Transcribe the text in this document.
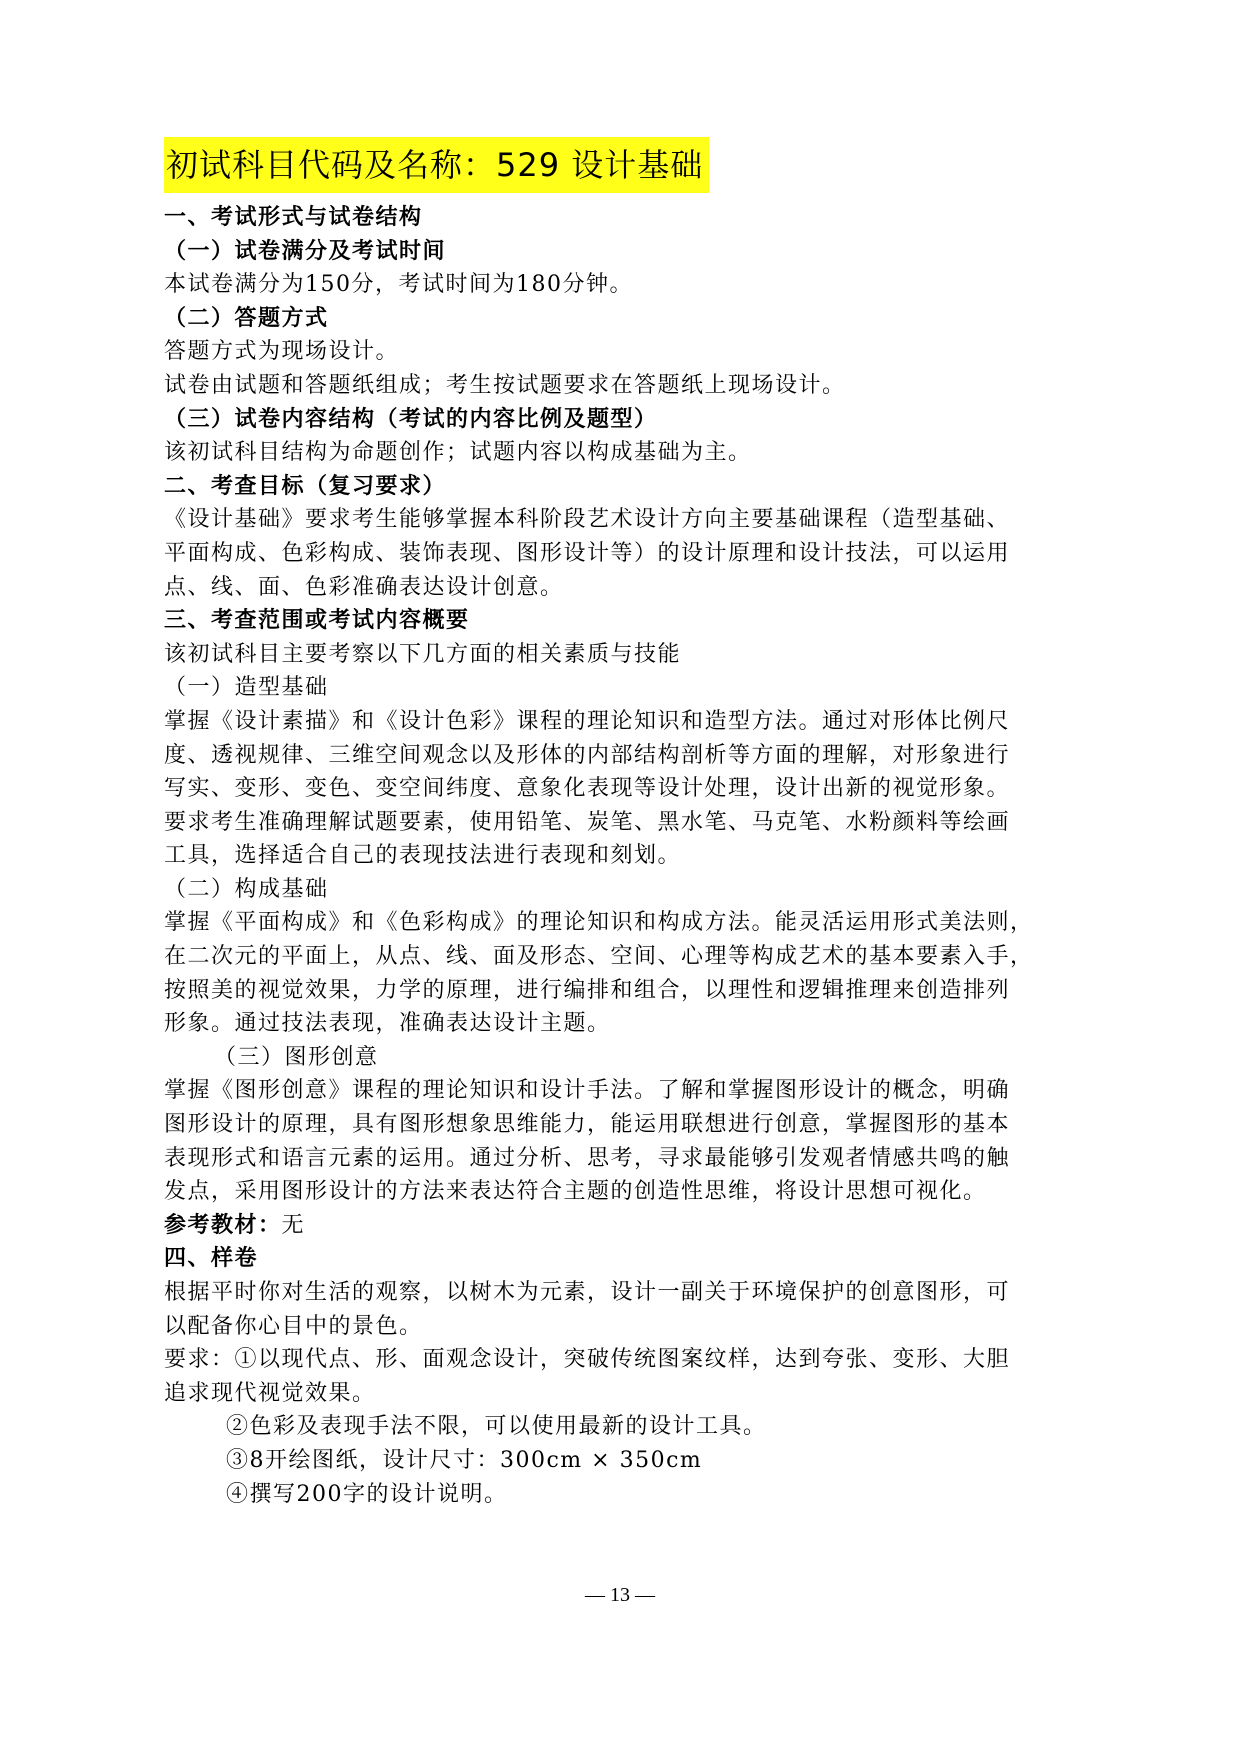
初试科目代码及名称：529 设计基础
一、考试形式与试卷结构
（一）试卷满分及考试时间
本试卷满分为150分，考试时间为180分钟。
（二）答题方式
答题方式为现场设计。
试卷由试题和答题纸组成；考生按试题要求在答题纸上现场设计。
（三）试卷内容结构（考试的内容比例及题型）
该初试科目结构为命题创作；试题内容以构成基础为主。
二、考查目标（复习要求）
《设计基础》要求考生能够掌握本科阶段艺术设计方向主要基础课程（造型基础、
平面构成、色彩构成、装饰表现、图形设计等）的设计原理和设计技法，可以运用
点、线、面、色彩准确表达设计创意。
三、考查范围或考试内容概要
该初试科目主要考察以下几方面的相关素质与技能
（一）造型基础
掌握《设计素描》和《设计色彩》课程的理论知识和造型方法。通过对形体比例尺
度、透视规律、三维空间观念以及形体的内部结构剖析等方面的理解，对形象进行
写实、变形、变色、变空间纬度、意象化表现等设计处理，设计出新的视觉形象。
要求考生准确理解试题要素，使用铅笔、炭笔、黑水笔、马克笔、水粉颜料等绘画
工具，选择适合自己的表现技法进行表现和刻划。
（二）构成基础
掌握《平面构成》和《色彩构成》的理论知识和构成方法。能灵活运用形式美法则，
在二次元的平面上，从点、线、面及形态、空间、心理等构成艺术的基本要素入手，
按照美的视觉效果，力学的原理，进行编排和组合，以理性和逻辑推理来创造排列
形象。通过技法表现，准确表达设计主题。
（三）图形创意
掌握《图形创意》课程的理论知识和设计手法。了解和掌握图形设计的概念，明确
图形设计的原理，具有图形想象思维能力，能运用联想进行创意，掌握图形的基本
表现形式和语言元素的运用。通过分析、思考，寻求最能够引发观者情感共鸣的触
发点，采用图形设计的方法来表达符合主题的创造性思维，将设计思想可视化。
参考教材：无
四、样卷
根据平时你对生活的观察，以树木为元素，设计一副关于环境保护的创意图形，可
以配备你心目中的景色。
要求：①以现代点、形、面观念设计，突破传统图案纹样，达到夸张、变形、大胆
追求现代视觉效果。
②色彩及表现手法不限，可以使用最新的设计工具。
③8开绘图纸，设计尺寸：300cm × 350cm
④撰写200字的设计说明。
— 13 —
